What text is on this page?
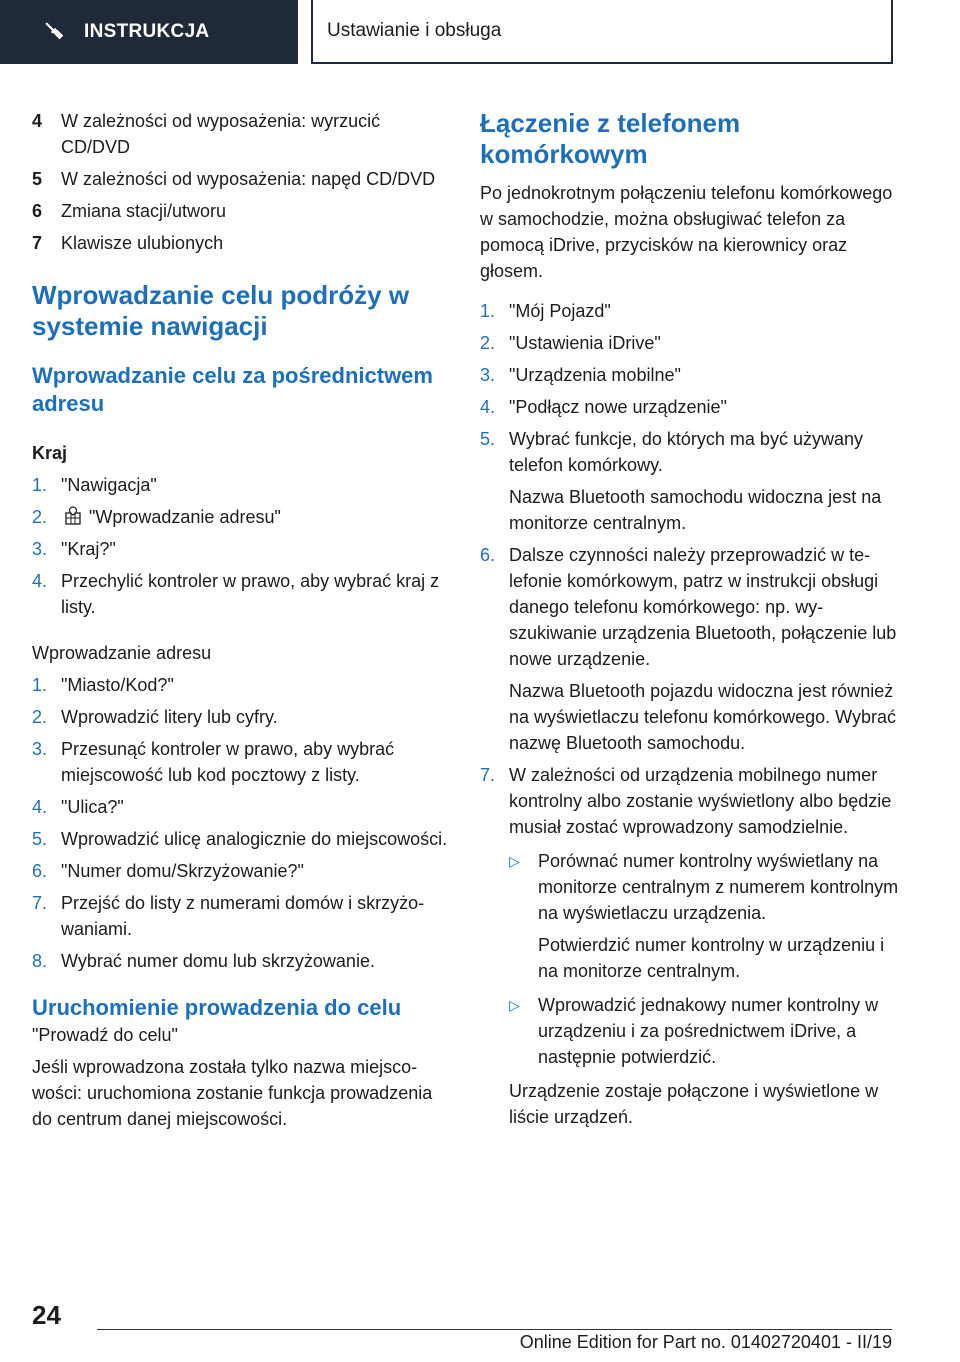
INSTRUKCJA	Ustawianie i obsługa
4	W zależności od wyposażenia: wyrzucić CD/DVD
5	W zależności od wyposażenia: napęd CD/DVD
6	Zmiana stacji/utworu
7	Klawisze ulubionych
Wprowadzanie celu podróży w systemie nawigacji
Wprowadzanie celu za pośrednictwem adresu

Kraj

1. "Nawigacja"
2.	"Wprowadzanie adresu"
3. "Kraj?"
4. Przechylić kontroler w prawo, aby wybrać kraj z listy.

Wprowadzanie adresu

1. "Miasto/Kod?"
2. Wprowadzić litery lub cyfry.
3. Przesunąć kontroler w prawo, aby wybrać miejscowość lub kod pocztowy z listy.
4. "Ulica?"
5. Wprowadzić ulicę analogicznie do miejscowości.
6. "Numer domu/Skrzyżowanie?"
7. Przejść do listy z numerami domów i skrzyżowaniami.
8. Wybrać numer domu lub skrzyżowanie.
Uruchomienie prowadzenia do celu

"Prowadź do celu"

Jeśli wprowadzona została tylko nazwa miejscowości: uruchomiona zostanie funkcja prowadzenia do centrum danej miejscowości.

Łączenie z telefonem komórkowym

Po jednokrotnym połączeniu telefonu komórkowego w samochodzie, można obsługiwać telefon za pomocą iDrive, przycisków na kierownicy oraz głosem.

1. "Mój Pojazd"
2. "Ustawienia iDrive"
3. "Urządzenia mobilne"
4. "Podłącz nowe urządzenie"
5. Wybrać funkcje, do których ma być używany telefon komórkowy.

Nazwa Bluetooth samochodu widoczna jest na monitorze centralnym.

6. Dalsze czynności należy przeprowadzić w telefonie komórkowym, patrz w instrukcji obsługi danego telefonu komórkowego: np. wyszukiwanie urządzenia Bluetooth, połączenie lub nowe urządzenie.

Nazwa Bluetooth pojazdu widoczna jest również na wyświetlaczu telefonu komórkowego. Wybrać nazwę Bluetooth samochodu.

7. W zależności od urządzenia mobilnego numer kontrolny albo zostanie wyświetlony albo będzie musiał zostać wprowadzony samodzielnie.

▷	Porównać numer kontrolny wyświetlany na monitorze centralnym z numerem kontrolnym na wyświetlaczu urządzenia.

Potwierdzić numer kontrolny w urządzeniu i na monitorze centralnym.

▷	Wprowadzić jednakowy numer kontrolny w urządzeniu i za pośrednictwem iDrive, a następnie potwierdzić.

Urządzenie zostaje połączone i wyświetlone w liście urządzeń.

24
Online Edition for Part no. 01402720401 - II/19
